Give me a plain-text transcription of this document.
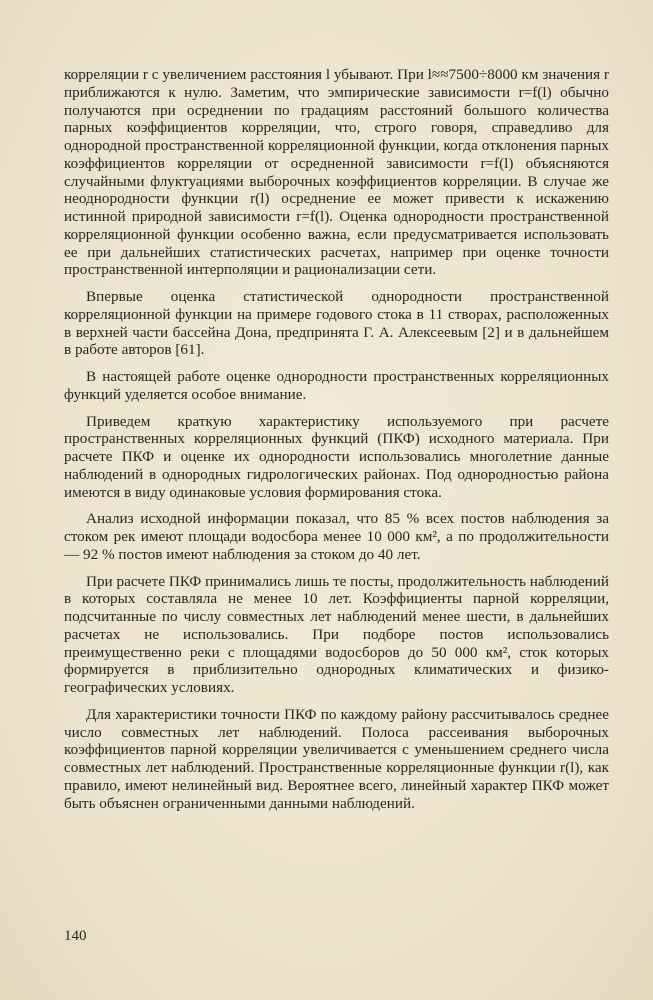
корреляции r с увеличением расстояния l убывают. При l≈≈7500÷8000 км значения r приближаются к нулю. Заметим, что эмпирические зависимости r=f(l) обычно получаются при осреднении по градациям расстояний большого количества парных коэффициентов корреляции, что, строго говоря, справедливо для однородной пространственной корреляционной функции, когда отклонения парных коэффициентов корреляции от осредненной зависимости r=f(l) объясняются случайными флуктуациями выборочных коэффициентов корреляции. В случае же неоднородности функции r(l) осреднение ее может привести к искажению истинной природной зависимости r=f(l). Оценка однородности пространственной корреляционной функции особенно важна, если предусматривается использовать ее при дальнейших статистических расчетах, например при оценке точности пространственной интерполяции и рационализации сети.

Впервые оценка статистической однородности пространственной корреляционной функции на примере годового стока в 11 створах, расположенных в верхней части бассейна Дона, предпринята Г. А. Алексеевым [2] и в дальнейшем в работе авторов [61].

В настоящей работе оценке однородности пространственных корреляционных функций уделяется особое внимание.

Приведем краткую характеристику используемого при расчете пространственных корреляционных функций (ПКФ) исходного материала. При расчете ПКФ и оценке их однородности использовались многолетние данные наблюдений в однородных гидрологических районах. Под однородностью района имеются в виду одинаковые условия формирования стока.

Анализ исходной информации показал, что 85 % всех постов наблюдения за стоком рек имеют площади водосбора менее 10 000 км², а по продолжительности — 92 % постов имеют наблюдения за стоком до 40 лет.

При расчете ПКФ принимались лишь те посты, продолжительность наблюдений в которых составляла не менее 10 лет. Коэффициенты парной корреляции, подсчитанные по числу совместных лет наблюдений менее шести, в дальнейших расчетах не использовались. При подборе постов использовались преимущественно реки с площадями водосборов до 50 000 км², сток которых формируется в приблизительно однородных климатических и физико-географических условиях.

Для характеристики точности ПКФ по каждому району рассчитывалось среднее число совместных лет наблюдений. Полоса рассеивания выборочных коэффициентов парной корреляции увеличивается с уменьшением среднего числа совместных лет наблюдений. Пространственные корреляционные функции r(l), как правило, имеют нелинейный вид. Вероятнее всего, линейный характер ПКФ может быть объяснен ограниченными данными наблюдений.

140
